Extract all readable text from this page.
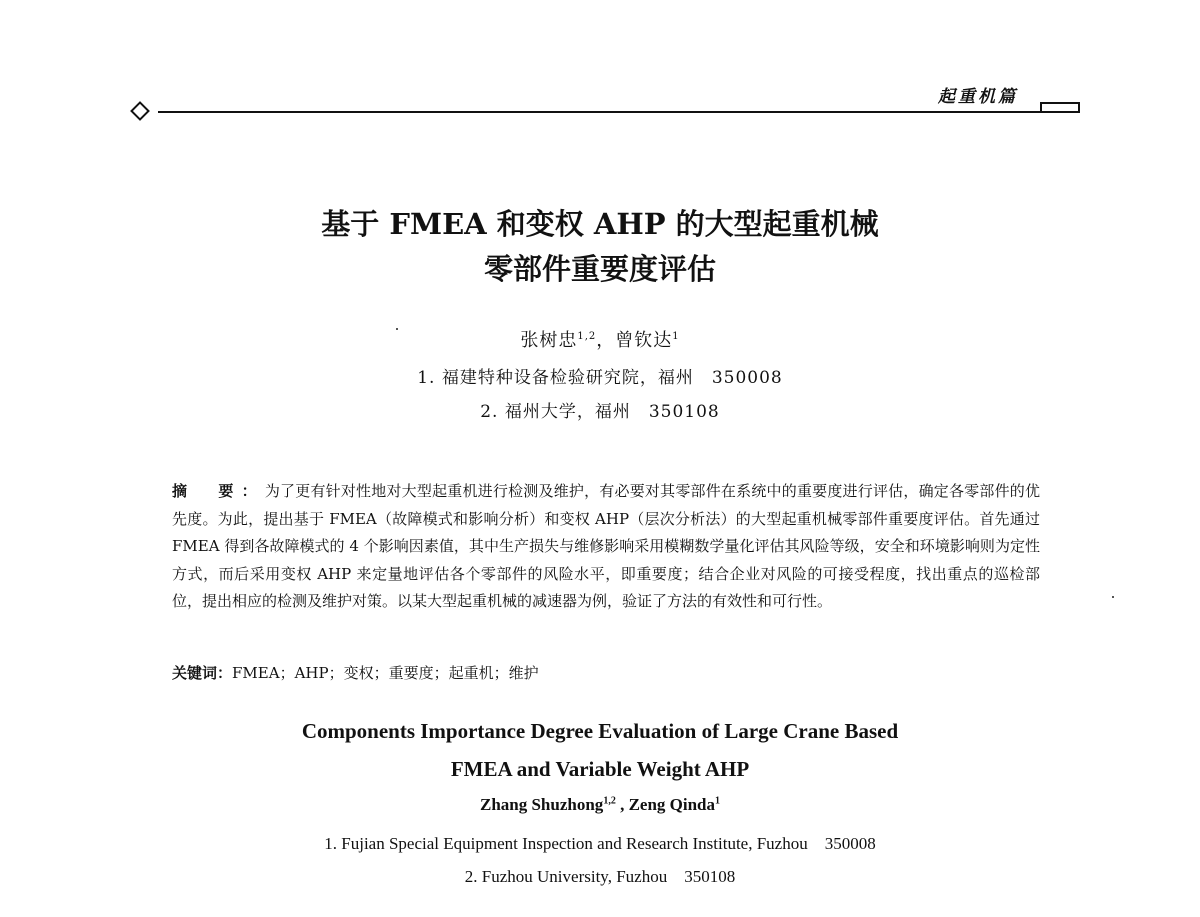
起重机篇
基于 FMEA 和变权 AHP 的大型起重机械
零部件重要度评估
张树忠$^{1,2}$，曾钦达$^1$
1. 福建特种设备检验研究院，福州　350008
2. 福州大学，福州　350108

摘　要：为了更有针对性地对大型起重机进行检测及维护，有必要对其零部件在系统中的重要度进行评估，确定各零部件的优先度。为此，提出基于 FMEA（故障模式和影响分析）和变权 AHP（层次分析法）的大型起重机械零部件重要度评估。首先通过 FMEA 得到各故障模式的 4 个影响因素值，其中生产损失与维修影响采用模糊数学量化评估其风险等级，安全和环境影响则为定性方式，而后采用变权 AHP 来定量地评估各个零部件的风险水平，即重要度；结合企业对风险的可接受程度，找出重点的巡检部位，提出相应的检测及维护对策。以某大型起重机械的减速器为例，验证了方法的有效性和可行性。

关键词：FMEA；AHP；变权；重要度；起重机；维护

Components Importance Degree Evaluation of Large Crane Based
FMEA and Variable Weight AHP
Zhang Shuzhong$^{1,2}$ , Zeng Qinda$^1$
1. Fujian Special Equipment Inspection and Research Institute, Fuzhou　350008
2. Fuzhou University, Fuzhou　350108
